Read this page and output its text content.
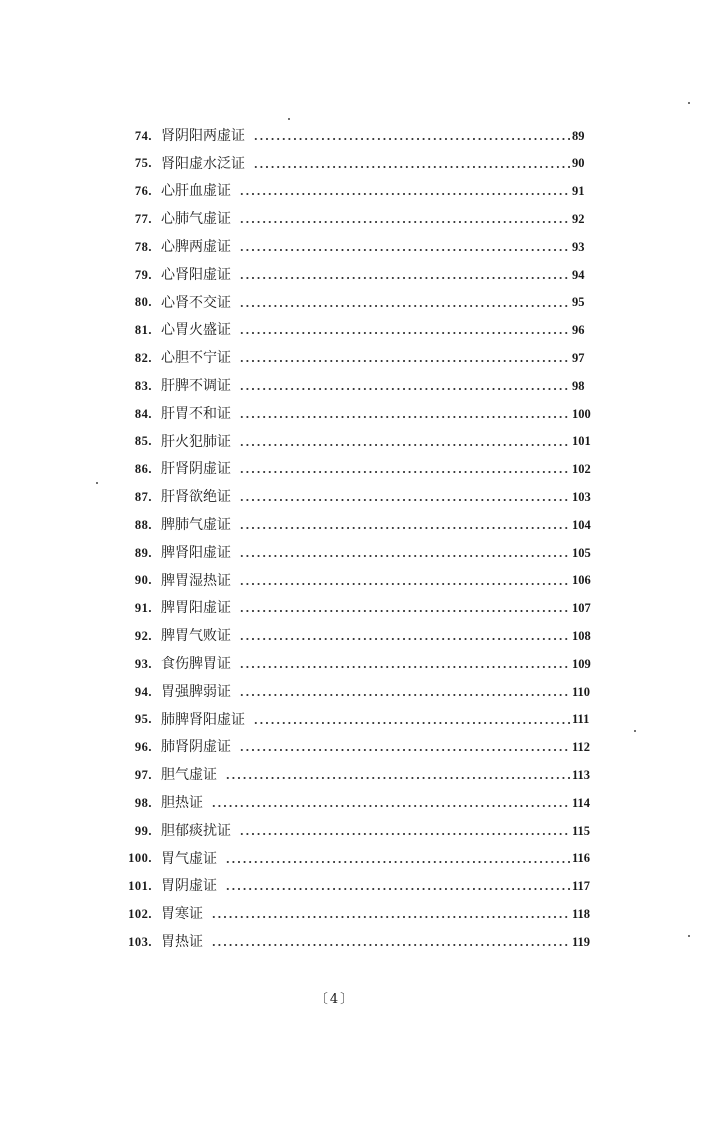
74. 肾阴阳两虚证	89
75. 肾阳虚水泛证	90
76. 心肝血虚证	91
77. 心肺气虚证	92
78. 心脾两虚证	93
79. 心肾阳虚证	94
80. 心肾不交证	95
81. 心胃火盛证	96
82. 心胆不宁证	97
83. 肝脾不调证	98
84. 肝胃不和证	100
85. 肝火犯肺证	101
86. 肝肾阴虚证	102
87. 肝肾欲绝证	103
88. 脾肺气虚证	104
89. 脾肾阳虚证	105
90. 脾胃湿热证	106
91. 脾胃阳虚证	107
92. 脾胃气败证	108
93. 食伤脾胃证	109
94. 胃强脾弱证	110
95. 肺脾肾阳虚证	111
96. 肺肾阴虚证	112
97. 胆气虚证	113
98. 胆热证	114
99. 胆郁痰扰证	115
100. 胃气虚证	116
101. 胃阴虚证	117
102. 胃寒证	118
103. 胃热证	119
〔4〕
